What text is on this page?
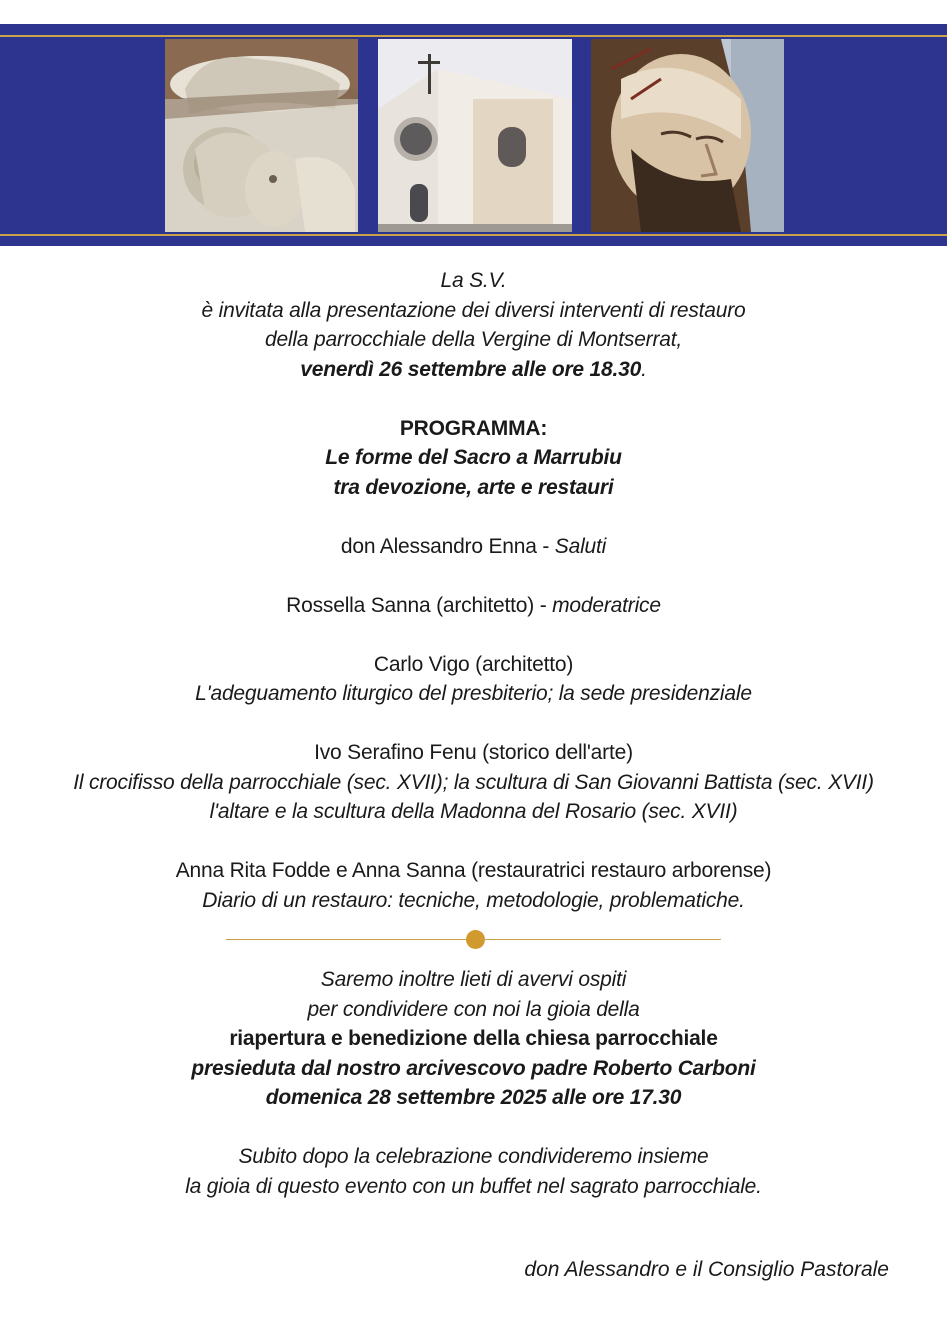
La S.V.

è invitata alla presentazione dei diversi interventi di restauro

della parrocchiale della Vergine di Montserrat,

venerdì 26 settembre alle ore 18.30.

PROGRAMMA:

Le forme del Sacro a Marrubiu

tra devozione, arte e restauri

don Alessandro Enna - Saluti

Rossella Sanna (architetto) - moderatrice

Carlo Vigo (architetto)

L'adeguamento liturgico del presbiterio; la sede presidenziale

Ivo Serafino Fenu (storico dell'arte)

Il crocifisso della parrocchiale (sec. XVII); la scultura di San Giovanni Battista (sec. XVII)

l'altare e la scultura della Madonna del Rosario (sec. XVII)

Anna Rita Fodde e Anna Sanna (restauratrici restauro arborense)

Diario di un restauro: tecniche, metodologie, problematiche.

Saremo inoltre lieti di avervi ospiti

per condividere con noi la gioia della

riapertura e benedizione della chiesa parrocchiale

presieduta dal nostro arcivescovo padre Roberto Carboni

domenica 28 settembre 2025 alle ore 17.30

Subito dopo la celebrazione condivideremo insieme

la gioia di questo evento con un buffet nel sagrato parrocchiale.

don Alessandro e il Consiglio Pastorale
